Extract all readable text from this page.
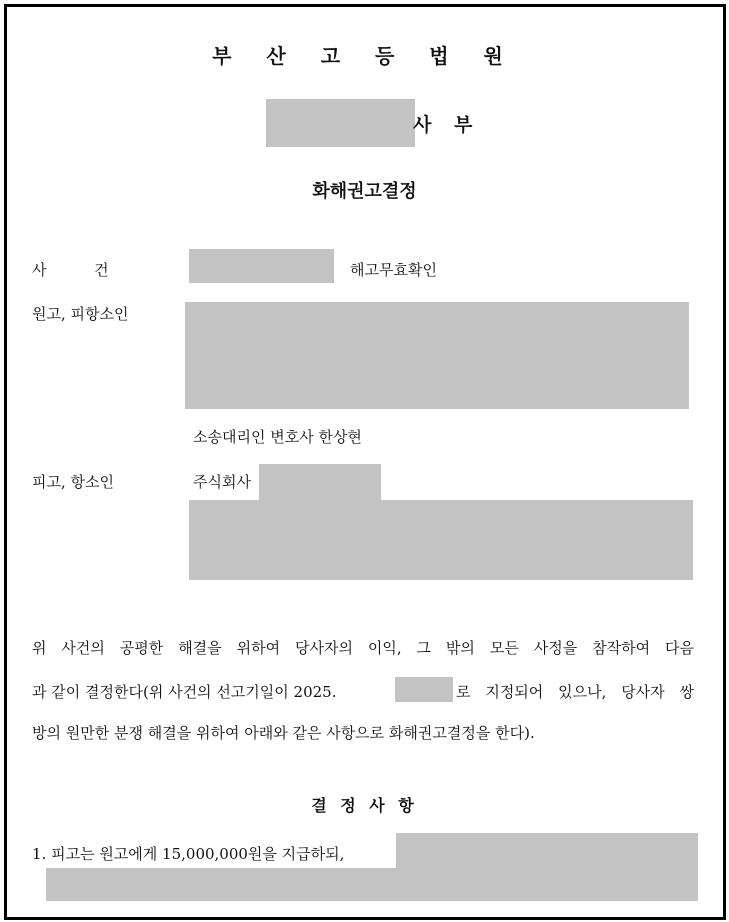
부 산 고 등 법 원
사 부
화해권고결정
사          건	해고무효확인
원고, 피항소인
소송대리인 변호사 한상현
피고, 항소인	주식회사
위 사건의 공평한 해결을 위하여 당사자의 이익, 그 밖의 모든 사정을 참작하여 다음
과 같이 결정한다(위 사건의 선고기일이 2025.	로 지정되어 있으나, 당사자 쌍
방의 원만한 분쟁 해결을 위하여 아래와 같은 사항으로 화해권고결정을 한다).
결 정 사 항
1. 피고는 원고에게 15,000,000원을 지급하되,
